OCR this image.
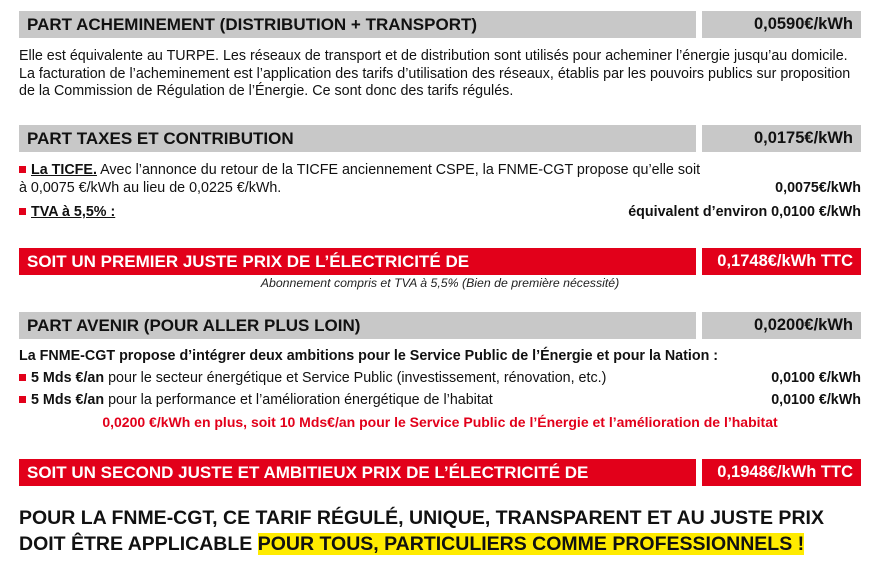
PART ACHEMINEMENT (DISTRIBUTION + TRANSPORT)	0,0590€/kWh

Elle est équivalente au TURPE. Les réseaux de transport et de distribution sont utilisés pour acheminer l’énergie jusqu’au domicile. La facturation de l’acheminement est l’application des tarifs d’utilisation des réseaux, établis par les pouvoirs publics sur proposition de la Commission de Régulation de l’Énergie. Ce sont donc des tarifs régulés.

PART TAXES ET CONTRIBUTION	0,0175€/kWh
La TICFE. Avec l’annonce du retour de la TICFE anciennement CSPE, la FNME-CGT propose qu’elle soit à 0,0075 €/kWh au lieu de 0,0225 €/kWh.	0,0075€/kWh
TVA à 5,5% :	équivalent d’environ 0,0100 €/kWh
SOIT UN PREMIER JUSTE PRIX DE L’ÉLECTRICITÉ DE	0,1748€/kWh TTC
Abonnement compris et TVA à 5,5% (Bien de première nécessité)
PART AVENIR (POUR ALLER PLUS LOIN)	0,0200€/kWh
La FNME-CGT propose d’intégrer deux ambitions pour le Service Public de l’Énergie et pour la Nation :
5 Mds €/an pour le secteur énergétique et Service Public (investissement, rénovation, etc.)	0,0100 €/kWh
5 Mds €/an pour la performance et l’amélioration énergétique de l’habitat	0,0100 €/kWh
0,0200 €/kWh en plus, soit 10 Mds€/an pour le Service Public de l’Énergie et l’amélioration de l’habitat
SOIT UN SECOND JUSTE ET AMBITIEUX PRIX DE L’ÉLECTRICITÉ DE	0,1948€/kWh TTC
POUR LA FNME-CGT, CE TARIF RÉGULÉ, UNIQUE, TRANSPARENT ET AU JUSTE PRIX
DOIT ÊTRE APPLICABLE POUR TOUS, PARTICULIERS COMME PROFESSIONNELS !
